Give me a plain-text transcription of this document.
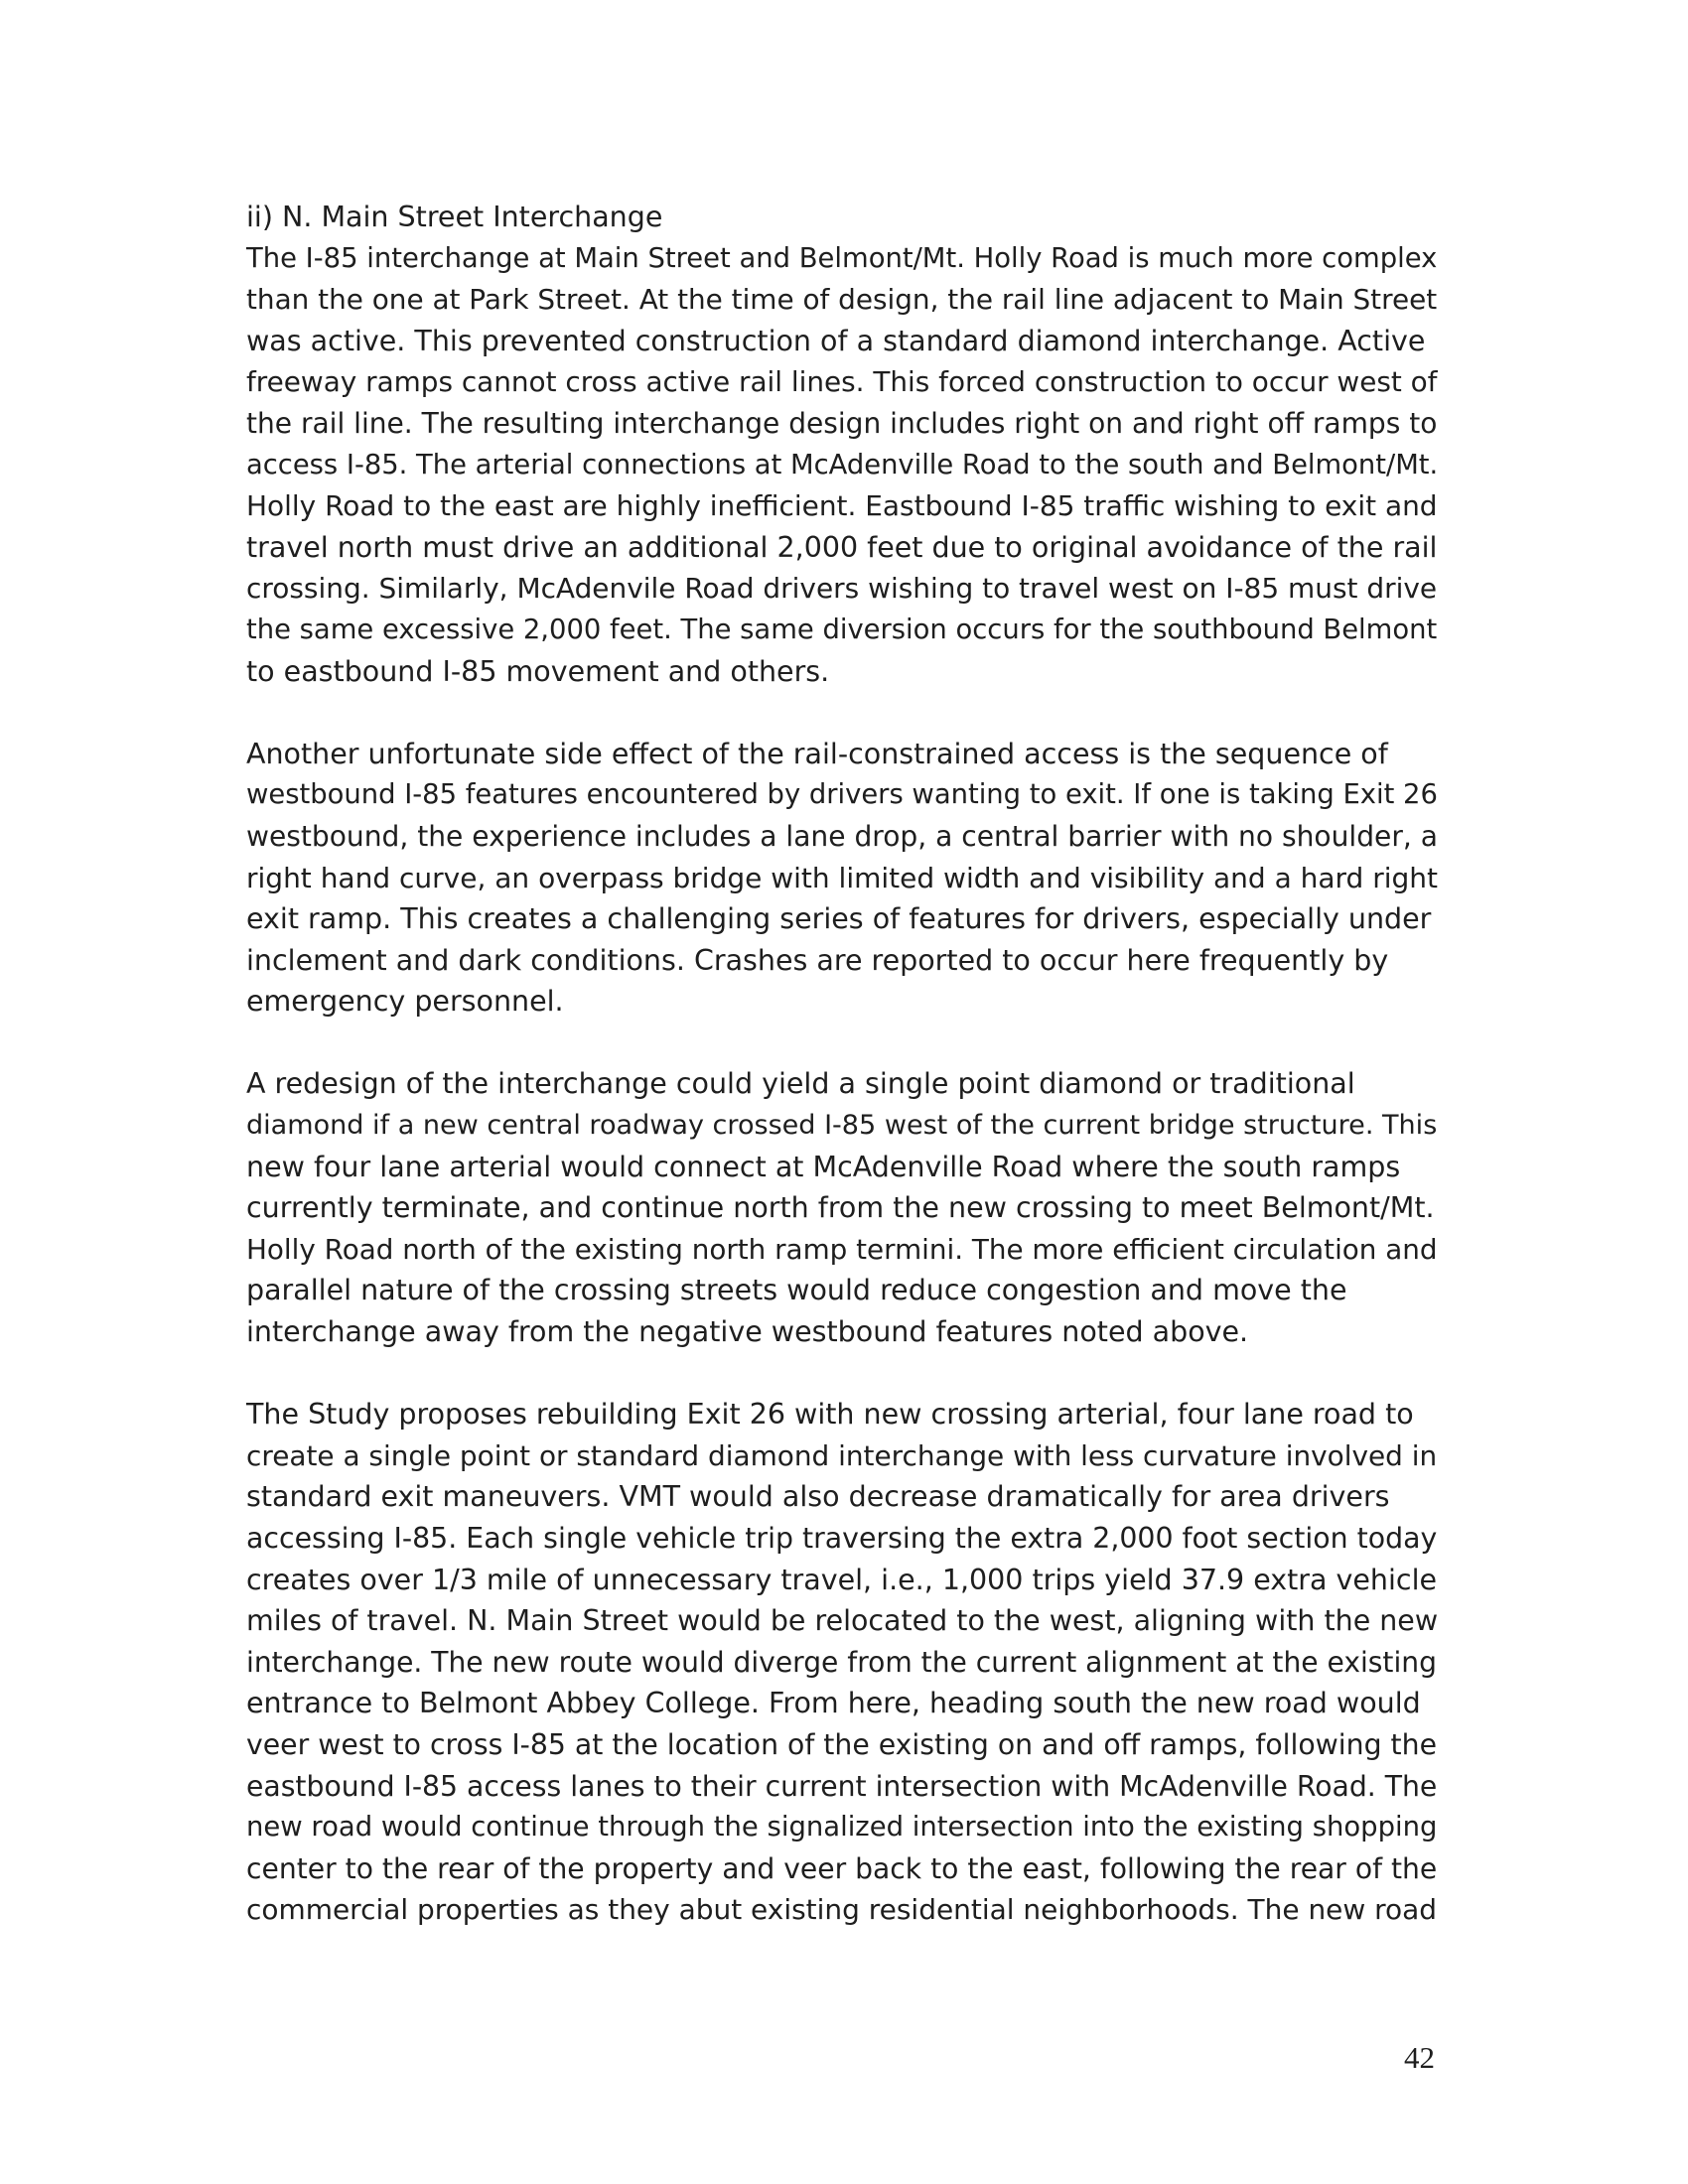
ii) N. Main Street Interchange

The I-85 interchange at Main Street and Belmont/Mt. Holly Road is much more complex
than the one at Park Street. At the time of design, the rail line adjacent to Main Street
was active. This prevented construction of a standard diamond interchange. Active
freeway ramps cannot cross active rail lines. This forced construction to occur west of
the rail line. The resulting interchange design includes right on and right off ramps to
access I-85. The arterial connections at McAdenville Road to the south and Belmont/Mt.
Holly Road to the east are highly inefficient. Eastbound I-85 traffic wishing to exit and
travel north must drive an additional 2,000 feet due to original avoidance of the rail
crossing. Similarly, McAdenvile Road drivers wishing to travel west on I-85 must drive
the same excessive 2,000 feet. The same diversion occurs for the southbound Belmont
to eastbound I-85 movement and others.

Another unfortunate side effect of the rail-constrained access is the sequence of
westbound I-85 features encountered by drivers wanting to exit. If one is taking Exit 26
westbound, the experience includes a lane drop, a central barrier with no shoulder, a
right hand curve, an overpass bridge with limited width and visibility and a hard right
exit ramp. This creates a challenging series of features for drivers, especially under
inclement and dark conditions. Crashes are reported to occur here frequently by
emergency personnel.

A redesign of the interchange could yield a single point diamond or traditional
diamond if a new central roadway crossed I-85 west of the current bridge structure. This
new four lane arterial would connect at McAdenville Road where the south ramps
currently terminate, and continue north from the new crossing to meet Belmont/Mt.
Holly Road north of the existing north ramp termini. The more efficient circulation and
parallel nature of the crossing streets would reduce congestion and move the
interchange away from the negative westbound features noted above.

The Study proposes rebuilding Exit 26 with new crossing arterial, four lane road to
create a single point or standard diamond interchange with less curvature involved in
standard exit maneuvers. VMT would also decrease dramatically for area drivers
accessing I-85. Each single vehicle trip traversing the extra 2,000 foot section today
creates over 1/3 mile of unnecessary travel, i.e., 1,000 trips yield 37.9 extra vehicle
miles of travel. N. Main Street would be relocated to the west, aligning with the new
interchange. The new route would diverge from the current alignment at the existing
entrance to Belmont Abbey College. From here, heading south the new road would
veer west to cross I-85 at the location of the existing on and off ramps, following the
eastbound I-85 access lanes to their current intersection with McAdenville Road. The
new road would continue through the signalized intersection into the existing shopping
center to the rear of the property and veer back to the east, following the rear of the
commercial properties as they abut existing residential neighborhoods. The new road

42
